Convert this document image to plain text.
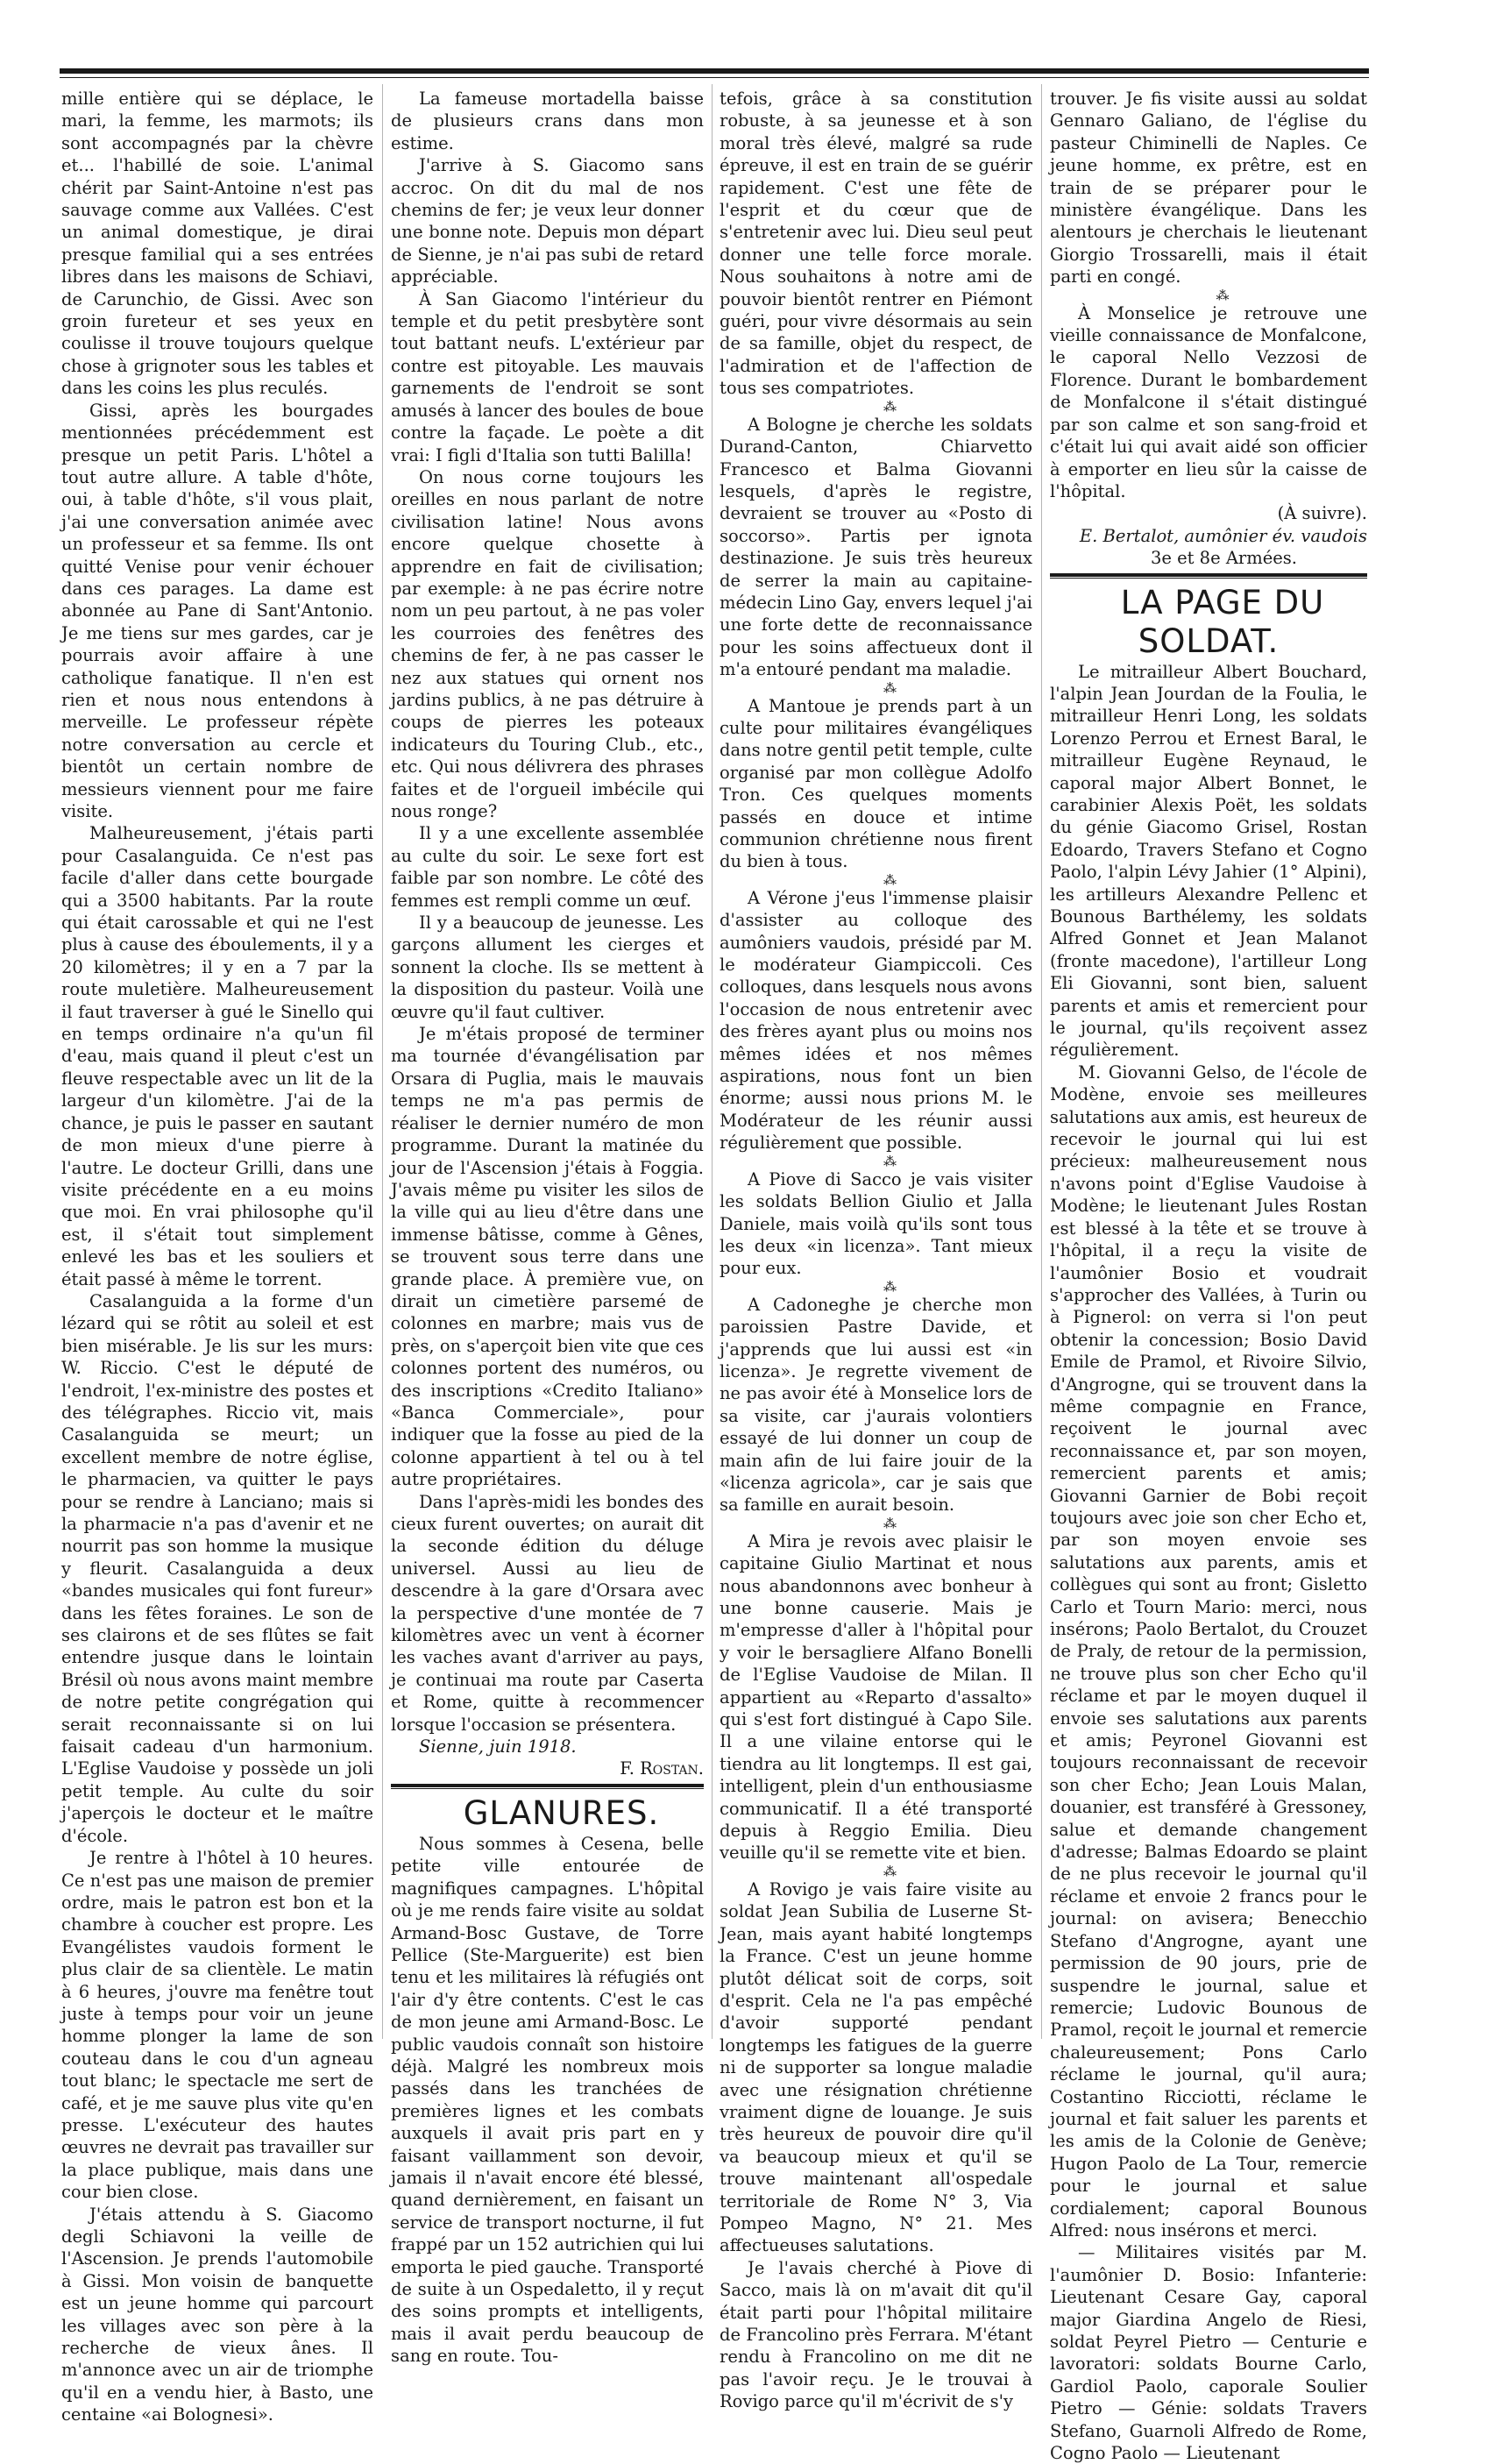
mille entière qui se déplace, le mari, la femme, les marmots; ils sont accompagnés par la chèvre et... l'habillé de soie. L'animal chérit par Saint-Antoine n'est pas sauvage comme aux Vallées. C'est un animal domestique, je dirai presque familial qui a ses entrées libres dans les maisons de Schiavi, de Carunchio, de Gissi. Avec son groin fureteur et ses yeux en coulisse il trouve toujours quelque chose à grignoter sous les tables et dans les coins les plus reculés.

Gissi, après les bourgades mentionnées précédemment est presque un petit Paris. L'hôtel a tout autre allure. A table d'hôte, oui, à table d'hôte, s'il vous plait, j'ai une conversation animée avec un professeur et sa femme. Ils ont quitté Venise pour venir échouer dans ces parages. La dame est abonnée au Pane di Sant'Antonio. Je me tiens sur mes gardes, car je pourrais avoir affaire à une catholique fanatique. Il n'en est rien et nous nous entendons à merveille. Le professeur répète notre conversation au cercle et bientôt un certain nombre de messieurs viennent pour me faire visite.

Malheureusement, j'étais parti pour Casalanguida. Ce n'est pas facile d'aller dans cette bourgade qui a 3500 habitants. Par la route qui était carossable et qui ne l'est plus à cause des éboulements, il y a 20 kilomètres; il y en a 7 par la route muletière. Malheureusement il faut traverser à gué le Sinello qui en temps ordinaire n'a qu'un fil d'eau, mais quand il pleut c'est un fleuve respectable avec un lit de la largeur d'un kilomètre. J'ai de la chance, je puis le passer en sautant de mon mieux d'une pierre à l'autre. Le docteur Grilli, dans une visite précédente en a eu moins que moi. En vrai philosophe qu'il est, il s'était tout simplement enlevé les bas et les souliers et était passé à même le torrent.

Casalanguida a la forme d'un lézard qui se rôtit au soleil et est bien misérable. Je lis sur les murs: W. Riccio. C'est le député de l'endroit, l'ex-ministre des postes et des télégraphes. Riccio vit, mais Casalanguida se meurt; un excellent membre de notre église, le pharmacien, va quitter le pays pour se rendre à Lanciano; mais si la pharmacie n'a pas d'avenir et ne nourrit pas son homme la musique y fleurit. Casalanguida a deux «bandes musicales qui font fureur» dans les fêtes foraines. Le son de ses clairons et de ses flûtes se fait entendre jusque dans le lointain Brésil où nous avons maint membre de notre petite congrégation qui serait reconnaissante si on lui faisait cadeau d'un harmonium. L'Eglise Vaudoise y possède un joli petit temple. Au culte du soir j'aperçois le docteur et le maître d'école.

Je rentre à l'hôtel à 10 heures. Ce n'est pas une maison de premier ordre, mais le patron est bon et la chambre à coucher est propre. Les Evangélistes vaudois forment le plus clair de sa clientèle. Le matin à 6 heures, j'ouvre ma fenêtre tout juste à temps pour voir un jeune homme plonger la lame de son couteau dans le cou d'un agneau tout blanc; le spectacle me sert de café, et je me sauve plus vite qu'en presse. L'exécuteur des hautes œuvres ne devrait pas travailler sur la place publique, mais dans une cour bien close.

J'étais attendu à S. Giacomo degli Schiavoni la veille de l'Ascension. Je prends l'automobile à Gissi. Mon voisin de banquette est un jeune homme qui parcourt les villages avec son père à la recherche de vieux ânes. Il m'annonce avec un air de triomphe qu'il en a vendu hier, à Basto, une centaine «ai Bolognesi».

La fameuse mortadella baisse de plusieurs crans dans mon estime.

J'arrive à S. Giacomo sans accroc. On dit du mal de nos chemins de fer; je veux leur donner une bonne note. Depuis mon départ de Sienne, je n'ai pas subi de retard appréciable.

À San Giacomo l'intérieur du temple et du petit presbytère sont tout battant neufs. L'extérieur par contre est pitoyable. Les mauvais garnements de l'endroit se sont amusés à lancer des boules de boue contre la façade. Le poète a dit vrai: I figli d'Italia son tutti Balilla!

On nous corne toujours les oreilles en nous parlant de notre civilisation latine! Nous avons encore quelque chosette à apprendre en fait de civilisation; par exemple: à ne pas écrire notre nom un peu partout, à ne pas voler les courroies des fenêtres des chemins de fer, à ne pas casser le nez aux statues qui ornent nos jardins publics, à ne pas détruire à coups de pierres les poteaux indicateurs du Touring Club., etc., etc. Qui nous délivrera des phrases faites et de l'orgueil imbécile qui nous ronge?

Il y a une excellente assemblée au culte du soir. Le sexe fort est faible par son nombre. Le côté des femmes est rempli comme un œuf.

Il y a beaucoup de jeunesse. Les garçons allument les cierges et sonnent la cloche. Ils se mettent à la disposition du pasteur. Voilà une œuvre qu'il faut cultiver.

Je m'étais proposé de terminer ma tournée d'évangélisation par Orsara di Puglia, mais le mauvais temps ne m'a pas permis de réaliser le dernier numéro de mon programme. Durant la matinée du jour de l'Ascension j'étais à Foggia. J'avais même pu visiter les silos de la ville qui au lieu d'être dans une immense bâtisse, comme à Gênes, se trouvent sous terre dans une grande place. À première vue, on dirait un cimetière parsemé de colonnes en marbre; mais vus de près, on s'aperçoit bien vite que ces colonnes portent des numéros, ou des inscriptions «Credito Italiano» «Banca Commerciale», pour indiquer que la fosse au pied de la colonne appartient à tel ou à tel autre propriétaires.

Dans l'après-midi les bondes des cieux furent ouvertes; on aurait dit la seconde édition du déluge universel. Aussi au lieu de descendre à la gare d'Orsara avec la perspective d'une montée de 7 kilomètres avec un vent à écorner les vaches avant d'arriver au pays, je continuai ma route par Caserta et Rome, quitte à recommencer lorsque l'occasion se présentera.

Sienne, juin 1918.

F. Rostan.

GLANURES.

Nous sommes à Cesena, belle petite ville entourée de magnifiques campagnes. L'hôpital où je me rends faire visite au soldat Armand-Bosc Gustave, de Torre Pellice (Ste-Marguerite) est bien tenu et les militaires là réfugiés ont l'air d'y être contents. C'est le cas de mon jeune ami Armand-Bosc. Le public vaudois connaît son histoire déjà. Malgré les nombreux mois passés dans les tranchées de premières lignes et les combats auxquels il avait pris part en y faisant vaillamment son devoir, jamais il n'avait encore été blessé, quand dernièrement, en faisant un service de transport nocturne, il fut frappé par un 152 autrichien qui lui emporta le pied gauche. Transporté de suite à un Ospedaletto, il y reçut des soins prompts et intelligents, mais il avait perdu beaucoup de sang en route. Tou-

tefois, grâce à sa constitution robuste, à sa jeunesse et à son moral très élevé, malgré sa rude épreuve, il est en train de se guérir rapidement. C'est une fête de l'esprit et du cœur que de s'entretenir avec lui. Dieu seul peut donner une telle force morale. Nous souhaitons à notre ami de pouvoir bientôt rentrer en Piémont guéri, pour vivre désormais au sein de sa famille, objet du respect, de l'admiration et de l'affection de tous ses compatriotes.

⁂

A Bologne je cherche les soldats Durand-Canton, Chiarvetto Francesco et Balma Giovanni lesquels, d'après le registre, devraient se trouver au «Posto di soccorso». Partis per ignota destinazione. Je suis très heureux de serrer la main au capitaine-médecin Lino Gay, envers lequel j'ai une forte dette de reconnaissance pour les soins affectueux dont il m'a entouré pendant ma maladie.

⁂

A Mantoue je prends part à un culte pour militaires évangéliques dans notre gentil petit temple, culte organisé par mon collègue Adolfo Tron. Ces quelques moments passés en douce et intime communion chrétienne nous firent du bien à tous.

⁂

A Vérone j'eus l'immense plaisir d'assister au colloque des aumôniers vaudois, présidé par M. le modérateur Giampiccoli. Ces colloques, dans lesquels nous avons l'occasion de nous entretenir avec des frères ayant plus ou moins nos mêmes idées et nos mêmes aspirations, nous font un bien énorme; aussi nous prions M. le Modérateur de les réunir aussi régulièrement que possible.

⁂

A Piove di Sacco je vais visiter les soldats Bellion Giulio et Jalla Daniele, mais voilà qu'ils sont tous les deux «in licenza». Tant mieux pour eux.

⁂

A Cadoneghe je cherche mon paroissien Pastre Davide, et j'apprends que lui aussi est «in licenza». Je regrette vivement de ne pas avoir été à Monselice lors de sa visite, car j'aurais volontiers essayé de lui donner un coup de main afin de lui faire jouir de la «licenza agricola», car je sais que sa famille en aurait besoin.

⁂

A Mira je revois avec plaisir le capitaine Giulio Martinat et nous nous abandonnons avec bonheur à une bonne causerie. Mais je m'empresse d'aller à l'hôpital pour y voir le bersagliere Alfano Bonelli de l'Eglise Vaudoise de Milan. Il appartient au «Reparto d'assalto» qui s'est fort distingué à Capo Sile. Il a une vilaine entorse qui le tiendra au lit longtemps. Il est gai, intelligent, plein d'un enthousiasme communicatif. Il a été transporté depuis à Reggio Emilia. Dieu veuille qu'il se remette vite et bien.

⁂

A Rovigo je vais faire visite au soldat Jean Subilia de Luserne St-Jean, mais ayant habité longtemps la France. C'est un jeune homme plutôt délicat soit de corps, soit d'esprit. Cela ne l'a pas empêché d'avoir supporté pendant longtemps les fatigues de la guerre ni de supporter sa longue maladie avec une résignation chrétienne vraiment digne de louange. Je suis très heureux de pouvoir dire qu'il va beaucoup mieux et qu'il se trouve maintenant all'ospedale territoriale de Rome N° 3, Via Pompeo Magno, N° 21. Mes affectueuses salutations.

Je l'avais cherché à Piove di Sacco, mais là on m'avait dit qu'il était parti pour l'hôpital militaire de Francolino près Ferrara. M'étant rendu à Francolino on me dit ne pas l'avoir reçu. Je le trouvai à Rovigo parce qu'il m'écrivit de s'y

trouver. Je fis visite aussi au soldat Gennaro Galiano, de l'église du pasteur Chiminelli de Naples. Ce jeune homme, ex prêtre, est en train de se préparer pour le ministère évangélique. Dans les alentours je cherchais le lieutenant Giorgio Trossarelli, mais il était parti en congé.

⁂

À Monselice je retrouve une vieille connaissance de Monfalcone, le caporal Nello Vezzosi de Florence. Durant le bombardement de Monfalcone il s'était distingué par son calme et son sang-froid et c'était lui qui avait aidé son officier à emporter en lieu sûr la caisse de l'hôpital.

(À suivre).

E. Bertalot, aumônier év. vaudois

3e et 8e Armées.

LA PAGE DU SOLDAT.

Le mitrailleur Albert Bouchard, l'alpin Jean Jourdan de la Foulia, le mitrailleur Henri Long, les soldats Lorenzo Perrou et Ernest Baral, le mitrailleur Eugène Reynaud, le caporal major Albert Bonnet, le carabinier Alexis Poët, les soldats du génie Giacomo Grisel, Rostan Edoardo, Travers Stefano et Cogno Paolo, l'alpin Lévy Jahier (1° Alpini), les artilleurs Alexandre Pellenc et Bounous Barthélemy, les soldats Alfred Gonnet et Jean Malanot (fronte macedone), l'artilleur Long Eli Giovanni, sont bien, saluent parents et amis et remercient pour le journal, qu'ils reçoivent assez régulièrement.

M. Giovanni Gelso, de l'école de Modène, envoie ses meilleures salutations aux amis, est heureux de recevoir le journal qui lui est précieux: malheureusement nous n'avons point d'Eglise Vaudoise à Modène; le lieutenant Jules Rostan est blessé à la tête et se trouve à l'hôpital, il a reçu la visite de l'aumônier Bosio et voudrait s'approcher des Vallées, à Turin ou à Pignerol: on verra si l'on peut obtenir la concession; Bosio David Emile de Pramol, et Rivoire Silvio, d'Angrogne, qui se trouvent dans la même compagnie en France, reçoivent le journal avec reconnaissance et, par son moyen, remercient parents et amis; Giovanni Garnier de Bobi reçoit toujours avec joie son cher Echo et, par son moyen envoie ses salutations aux parents, amis et collègues qui sont au front; Gisletto Carlo et Tourn Mario: merci, nous insérons; Paolo Bertalot, du Crouzet de Praly, de retour de la permission, ne trouve plus son cher Echo qu'il réclame et par le moyen duquel il envoie ses salutations aux parents et amis; Peyronel Giovanni est toujours reconnaissant de recevoir son cher Echo; Jean Louis Malan, douanier, est transféré à Gressoney, salue et demande changement d'adresse; Balmas Edoardo se plaint de ne plus recevoir le journal qu'il réclame et envoie 2 francs pour le journal: on avisera; Benecchio Stefano d'Angrogne, ayant une permission de 90 jours, prie de suspendre le journal, salue et remercie; Ludovic Bounous de Pramol, reçoit le journal et remercie chaleureusement; Pons Carlo réclame le journal, qu'il aura; Costantino Ricciotti, réclame le journal et fait saluer les parents et les amis de la Colonie de Genève; Hugon Paolo de La Tour, remercie pour le journal et salue cordialement; caporal Bounous Alfred: nous insérons et merci.

— Militaires visités par M. l'aumônier D. Bosio: Infanterie: Lieutenant Cesare Gay, caporal major Giardina Angelo de Riesi, soldat Peyrel Pietro — Centurie e lavoratori: soldats Bourne Carlo, Gardiol Paolo, caporale Soulier Pietro — Génie: soldats Travers Stefano, Guarnoli Alfredo de Rome, Cogno Paolo — Lieutenant
